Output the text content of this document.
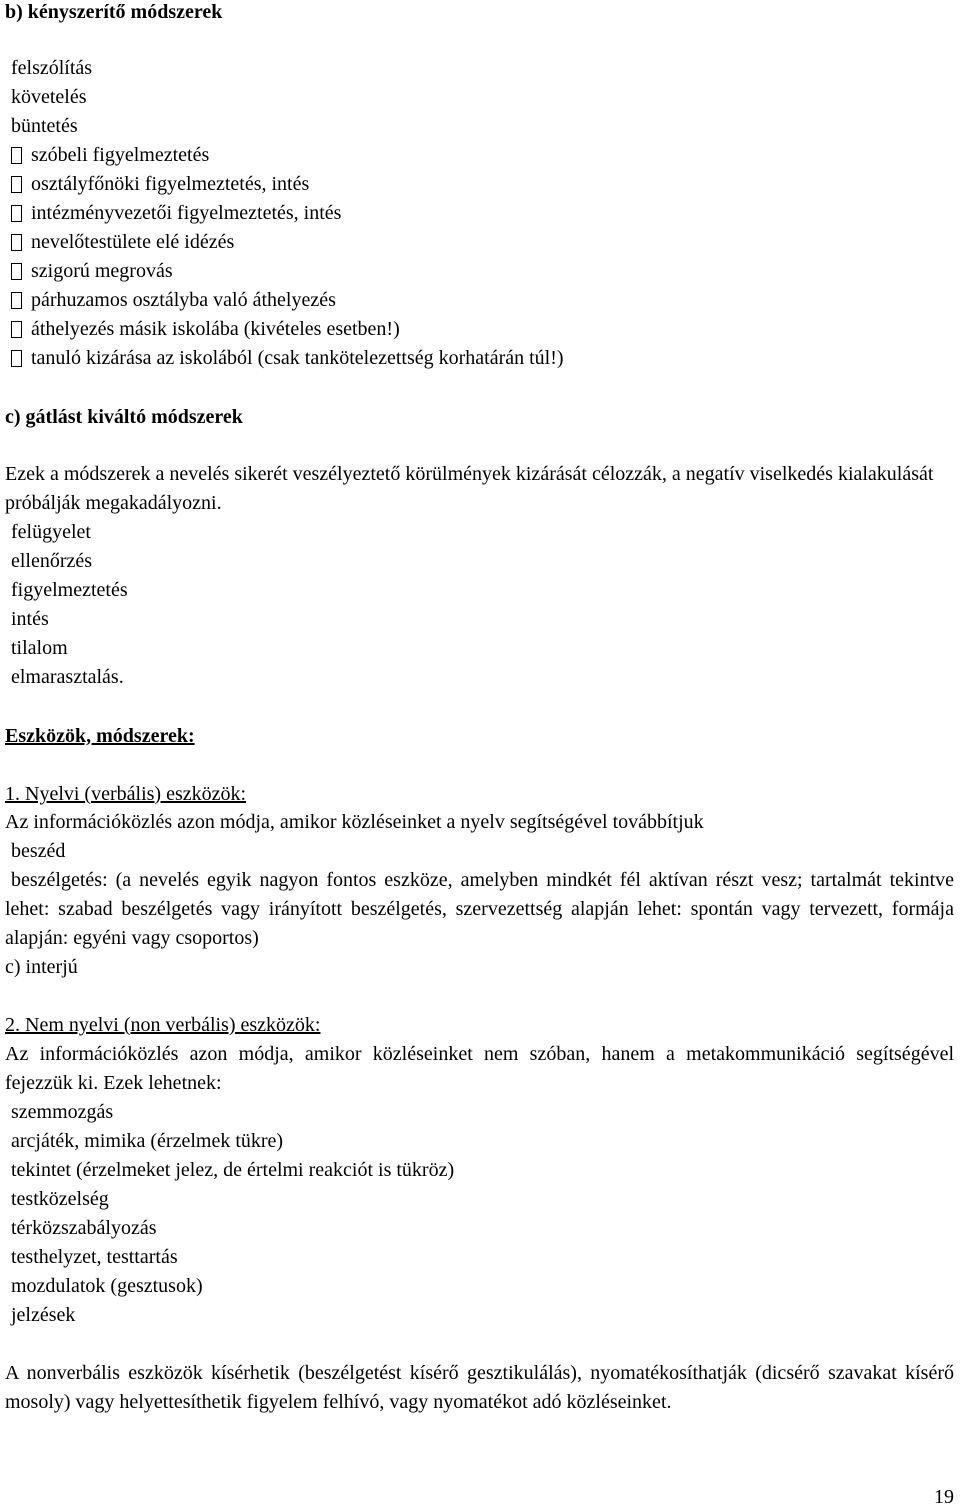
b) kényszerítő módszerek
felszólítás
követelés
büntetés
szóbeli figyelmeztetés
osztályfőnöki figyelmeztetés, intés
intézményvezetői figyelmeztetés, intés
nevelőtestülete elé idézés
szigorú megrovás
párhuzamos osztályba való áthelyezés
áthelyezés másik iskolába (kivételes esetben!)
tanuló kizárása az iskolából (csak tankötelezettség korhatárán túl!)
c) gátlást kiváltó módszerek

Ezek a módszerek a nevelés sikerét veszélyeztető körülmények kizárását célozzák, a negatív viselkedés kialakulását próbálják megakadályozni.

felügyelet
ellenőrzés
figyelmeztetés
intés
tilalom
elmarasztalás.
Eszközök, módszerek:
1. Nyelvi (verbális) eszközök:

Az információközlés azon módja, amikor közléseinket a nyelv segítségével továbbítjuk

beszéd

beszélgetés: (a nevelés egyik nagyon fontos eszköze, amelyben mindkét fél aktívan részt vesz; tartalmát tekintve lehet: szabad beszélgetés vagy irányított beszélgetés, szervezettség alapján lehet: spontán vagy tervezett, formája alapján: egyéni vagy csoportos)

c) interjú
2. Nem nyelvi (non verbális) eszközök:

Az információközlés azon módja, amikor közléseinket nem szóban, hanem a metakommunikáció segítségével fejezzük ki. Ezek lehetnek:

szemmozgás
arcjáték, mimika (érzelmek tükre)
tekintet (érzelmeket jelez, de értelmi reakciót is tükröz)
testközelség
térközszabályozás
testhelyzet, testtartás
mozdulatok (gesztusok)
jelzések

A nonverbális eszközök kísérhetik (beszélgetést kísérő gesztikulálás), nyomatékosíthatják (dicsérő szavakat kísérő mosoly) vagy helyettesíthetik figyelem felhívó, vagy nyomatékot adó közléseinket.

19
